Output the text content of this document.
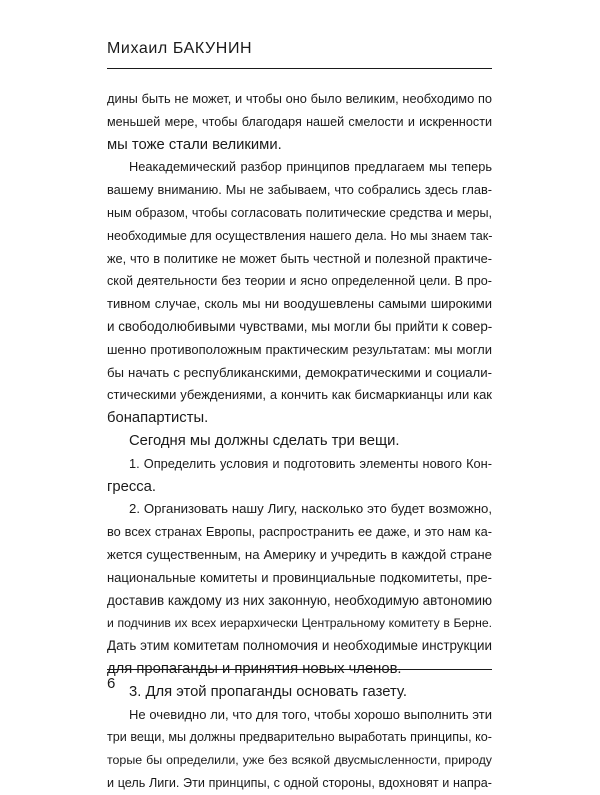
Михаил БАКУНИН
дины быть не может, и чтобы оно было великим, необходимо по
меньшей мере, чтобы благодаря нашей смелости и искренности
мы тоже стали великими.
Неакадемический разбор принципов предлагаем мы теперь
вашему вниманию. Мы не забываем, что собрались здесь глав-
ным образом, чтобы согласовать политические средства и меры,
необходимые для осуществления нашего дела. Но мы знаем так-
же, что в политике не может быть честной и полезной практиче-
ской деятельности без теории и ясно определенной цели. В про-
тивном случае, сколь мы ни воодушевлены самыми широкими
и свободолюбивыми чувствами, мы могли бы прийти к совер-
шенно противоположным практическим результатам: мы могли
бы начать с республиканскими, демократическими и социали-
стическими убеждениями, а кончить как бисмаркианцы или как
бонапартисты.
Сегодня мы должны сделать три вещи.
1. Определить условия и подготовить элементы нового Кон-
гресса.
2. Организовать нашу Лигу, насколько это будет возможно,
во всех странах Европы, распространить ее даже, и это нам ка-
жется существенным, на Америку и учредить в каждой стране
национальные комитеты и провинциальные подкомитеты, пре-
доставив каждому из них законную, необходимую автономию
и подчинив их всех иерархически Центральному комитету в Берне.
Дать этим комитетам полномочия и необходимые инструкции
для пропаганды и принятия новых членов.
3. Для этой пропаганды основать газету.
Не очевидно ли, что для того, чтобы хорошо выполнить эти
три вещи, мы должны предварительно выработать принципы, ко-
торые бы определили, уже без всякой двусмысленности, природу
и цель Лиги. Эти принципы, с одной стороны, вдохновят и напра-
6
